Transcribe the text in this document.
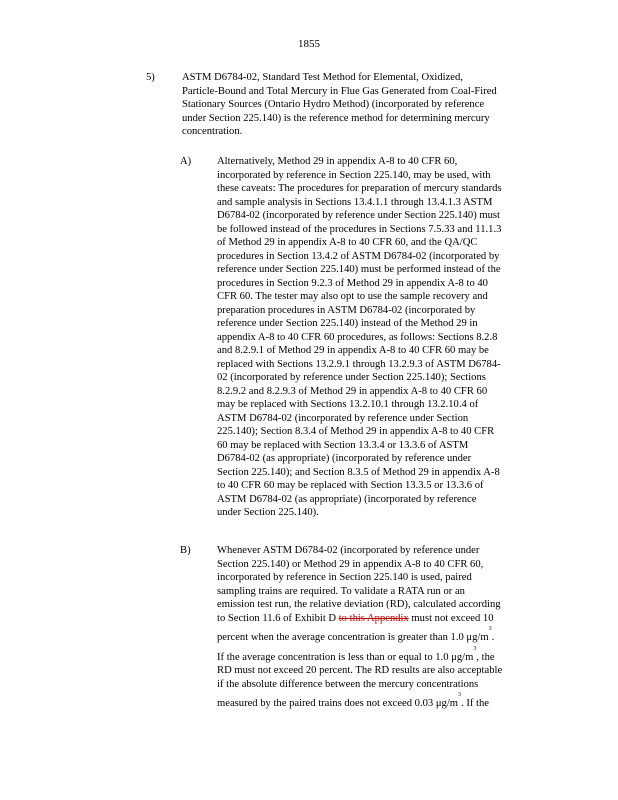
1855
5)	ASTM D6784-02, Standard Test Method for Elemental, Oxidized,
Particle-Bound and Total Mercury in Flue Gas Generated from Coal-Fired
Stationary Sources (Ontario Hydro Method) (incorporated by reference
under Section 225.140) is the reference method for determining mercury
concentration.
A) Alternatively, Method 29 in appendix A-8 to 40 CFR 60,
incorporated by reference in Section 225.140, may be used, with
these caveats: The procedures for preparation of mercury standards
and sample analysis in Sections 13.4.1.1 through 13.4.1.3 ASTM
D6784-02 (incorporated by reference under Section 225.140) must
be followed instead of the procedures in Sections 7.5.33 and 11.1.3
of Method 29 in appendix A-8 to 40 CFR 60, and the QA/QC
procedures in Section 13.4.2 of ASTM D6784-02 (incorporated by
reference under Section 225.140) must be performed instead of the
procedures in Section 9.2.3 of Method 29 in appendix A-8 to 40
CFR 60. The tester may also opt to use the sample recovery and
preparation procedures in ASTM D6784-02 (incorporated by
reference under Section 225.140) instead of the Method 29 in
appendix A-8 to 40 CFR 60 procedures, as follows: Sections 8.2.8
and 8.2.9.1 of Method 29 in appendix A-8 to 40 CFR 60 may be
replaced with Sections 13.2.9.1 through 13.2.9.3 of ASTM D6784-
02 (incorporated by reference under Section 225.140); Sections
8.2.9.2 and 8.2.9.3 of Method 29 in appendix A-8 to 40 CFR 60
may be replaced with Sections 13.2.10.1 through 13.2.10.4 of
ASTM D6784-02 (incorporated by reference under Section
225.140); Section 8.3.4 of Method 29 in appendix A-8 to 40 CFR
60 may be replaced with Section 13.3.4 or 13.3.6 of ASTM
D6784-02 (as appropriate) (incorporated by reference under
Section 225.140); and Section 8.3.5 of Method 29 in appendix A-8
to 40 CFR 60 may be replaced with Section 13.3.5 or 13.3.6 of
ASTM D6784-02 (as appropriate) (incorporated by reference
under Section 225.140).
B) Whenever ASTM D6784-02 (incorporated by reference under
Section 225.140) or Method 29 in appendix A-8 to 40 CFR 60,
incorporated by reference in Section 225.140 is used, paired
sampling trains are required. To validate a RATA run or an
emission test run, the relative deviation (RD), calculated according
to Section 11.6 of Exhibit D to this Appendix must not exceed 10
percent when the average concentration is greater than 1.0 $\mu g/m^3$.
If the average concentration is less than or equal to 1.0 $\mu g/m^3$, the
RD must not exceed 20 percent. The RD results are also acceptable
if the absolute difference between the mercury concentrations
measured by the paired trains does not exceed 0.03 $\mu g/m^3$. If the
